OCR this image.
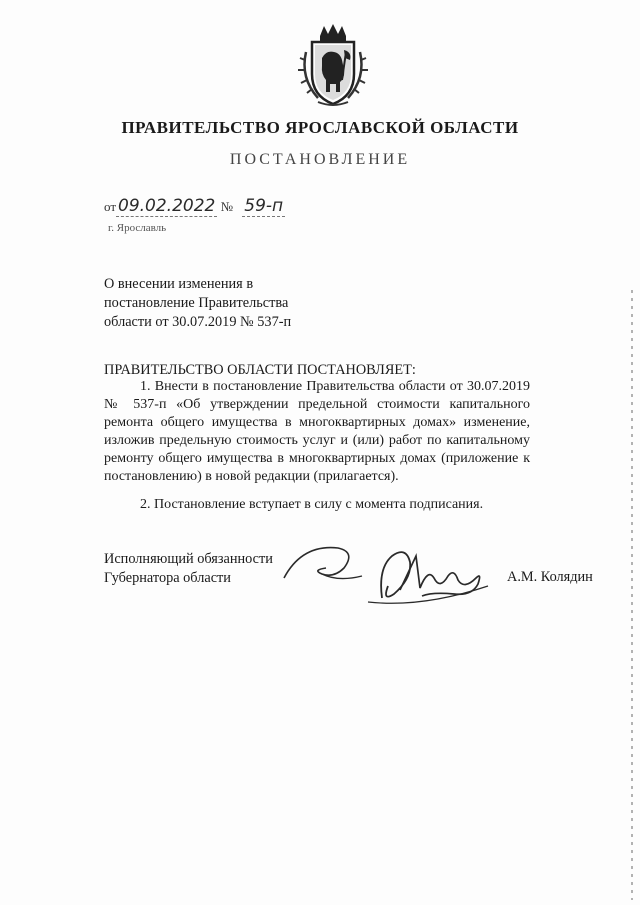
ПРАВИТЕЛЬСТВО ЯРОСЛАВСКОЙ ОБЛАСТИ
ПОСТАНОВЛЕНИЕ
от 09.02.2022 № 59-п
г. Ярославль
О внесении изменения в
постановление Правительства
области от 30.07.2019 № 537-п
ПРАВИТЕЛЬСТВО ОБЛАСТИ ПОСТАНОВЛЯЕТ:

1. Внести в постановление Правительства области от 30.07.2019 № 537-п «Об утверждении предельной стоимости капитального ремонта общего имущества в многоквартирных домах» изменение, изложив предельную стоимость услуг и (или) работ по капитальному ремонту общего имущества в многоквартирных домах (приложение к постановлению) в новой редакции (прилагается).

2. Постановление вступает в силу с момента подписания.

Исполняющий обязанности
Губернатора области	А.М. Колядин
